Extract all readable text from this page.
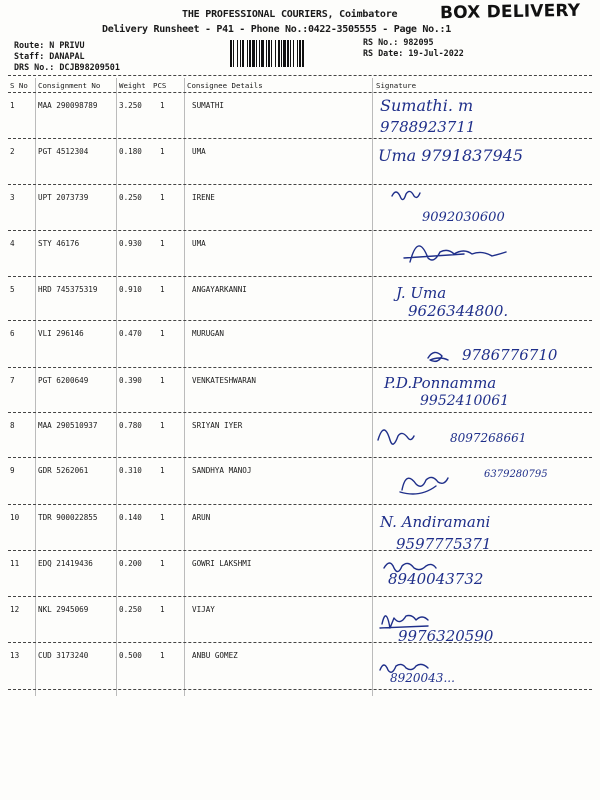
THE PROFESSIONAL COURIERS, Coimbatore BOX DELIVERY
Delivery Runsheet - P41 - Phone No.:0422-3505555 - Page No.:1
Route: N PRIVU
Staff: DANAPAL
DRS No.: DCJB98209501
RS No.: 982095
RS Date: 19-Jul-2022
S No Consignment No	Weight PCS	Consignee Details	Signature
1	MAA 290098789	3.250 1	SUMATHI	Sumathi. m
9788923711
2	PGT 4512304	0.180 1	UMA	Uma 9791837945
3	UPT 2073739	0.250 1	IRENE
9092030600
4	STY 46176	0.930 1	UMA
5	HRD 745375319	0.910 1	ANGAYARKANNI	J. Uma
9626344800.
6	VLI 296146	0.470 1	MURUGAN
9786776710
7	PGT 6200649	0.390 1	VENKATESHWARAN	P.D.Ponnamma
9952410061
8	MAA 290510937	0.780 1	SRIYAN IYER
8097268661
9	GDR 5262061	0.310 1	SANDHYA MANOJ	6379280795
10 TDR 900022855	0.140 1	ARUN	N. Andiramani
9597775371
11 EDQ 21419436	0.200 1	GOWRI LAKSHMI
8940043732
12 NKL 2945069	0.250 1	VIJAY
9976320590
13 CUD 3173240	0.500 1	ANBU GOMEZ
8920043...
